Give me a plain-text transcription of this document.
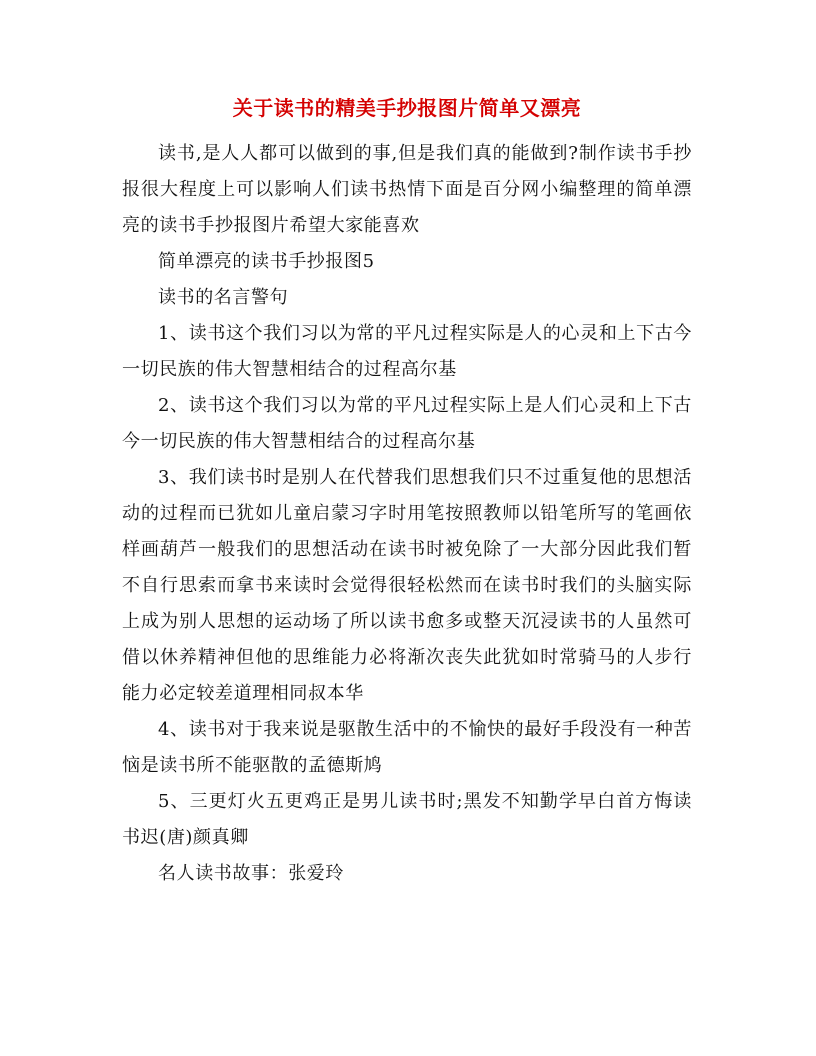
关于读书的精美手抄报图片简单又漂亮

读书,是人人都可以做到的事,但是我们真的能做到?制作读书手抄报很大程度上可以影响人们读书热情下面是百分网小编整理的简单漂亮的读书手抄报图片希望大家能喜欢

简单漂亮的读书手抄报图5

读书的名言警句

1、读书这个我们习以为常的平凡过程实际是人的心灵和上下古今一切民族的伟大智慧相结合的过程高尔基

2、读书这个我们习以为常的平凡过程实际上是人们心灵和上下古今一切民族的伟大智慧相结合的过程高尔基

3、我们读书时是别人在代替我们思想我们只不过重复他的思想活动的过程而已犹如儿童启蒙习字时用笔按照教师以铅笔所写的笔画依样画葫芦一般我们的思想活动在读书时被免除了一大部分因此我们暂不自行思索而拿书来读时会觉得很轻松然而在读书时我们的头脑实际上成为别人思想的运动场了所以读书愈多或整天沉浸读书的人虽然可借以休养精神但他的思维能力必将渐次丧失此犹如时常骑马的人步行能力必定较差道理相同叔本华

4、读书对于我来说是驱散生活中的不愉快的最好手段没有一种苦恼是读书所不能驱散的孟德斯鸠

5、三更灯火五更鸡正是男儿读书时;黑发不知勤学早白首方悔读书迟(唐)颜真卿

名人读书故事：张爱玲
